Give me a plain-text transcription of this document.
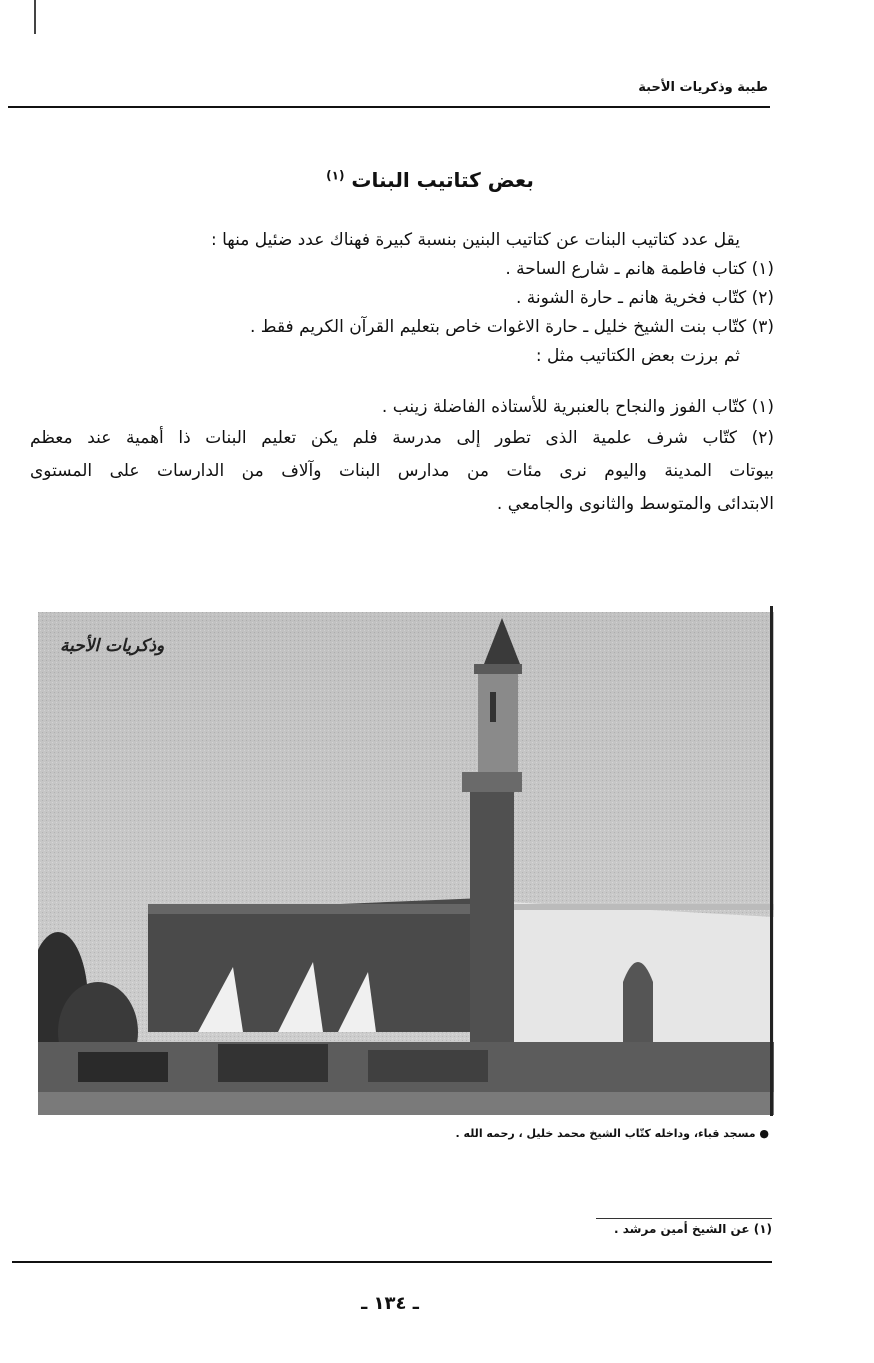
طيبة وذكريات الأحبة
بعض كتاتيب البنات $^{(١)}$
يقل عدد كتاتيب البنات عن كتاتيب البنين بنسبة كبيرة فهناك عدد ضئيل منها :
(١) كتاب فاطمة هانم ـ شارع الساحة .
(٢) كتّاب فخرية هانم ـ حارة الشونة .
(٣) كتّاب بنت الشيخ خليل ـ حارة الاغوات خاص بتعليم القرآن الكريم فقط .
ثم برزت بعض الكتاتيب مثل :
(١) كتّاب الفوز والنجاح بالعنبرية للأستاذه الفاضلة زينب .
(٢) كتّاب شرف علمية الذى تطور إلى مدرسة فلم يكن تعليم البنات ذا أهمية عند معظم
بيوتات المدينة واليوم نرى مئات من مدارس البنات وآلاف من الدارسات على المستوى
الابتدائى والمتوسط والثانوى والجامعي .
وذكريات الأحبة
● مسجد قباء، وداخله كتّاب الشيخ محمد خليل ، رحمه الله .
(١) عن الشيخ أمين مرشد .
ـ ١٣٤ ـ
